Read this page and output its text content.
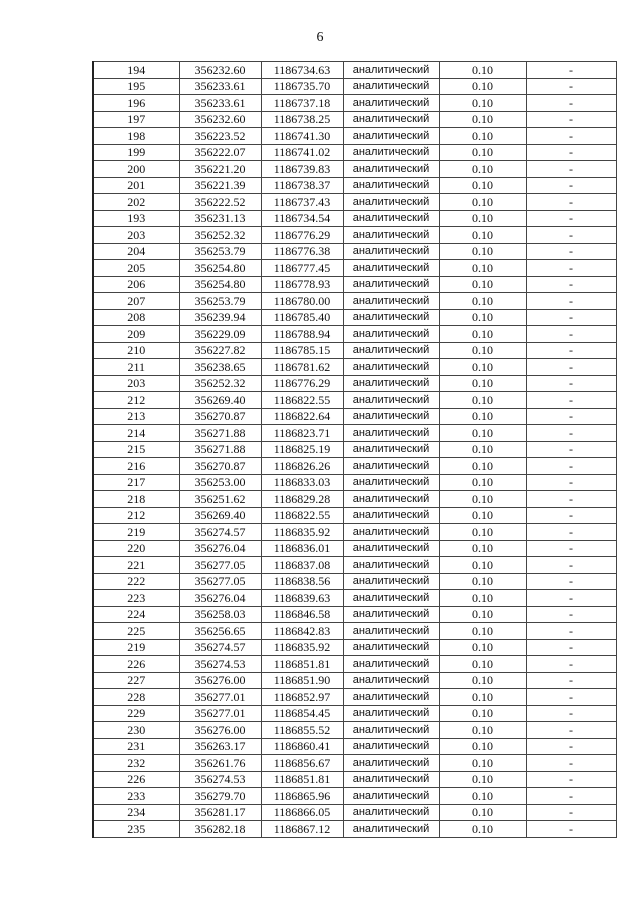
6
194	356232.60	1186734.63	аналитический	0.10	-
195	356233.61	1186735.70	аналитический	0.10	-
196	356233.61	1186737.18	аналитический	0.10	-
197	356232.60	1186738.25	аналитический	0.10	-
198	356223.52	1186741.30	аналитический	0.10	-
199	356222.07	1186741.02	аналитический	0.10	-
200	356221.20	1186739.83	аналитический	0.10	-
201	356221.39	1186738.37	аналитический	0.10	-
202	356222.52	1186737.43	аналитический	0.10	-
193	356231.13	1186734.54	аналитический	0.10	-
203	356252.32	1186776.29	аналитический	0.10	-
204	356253.79	1186776.38	аналитический	0.10	-
205	356254.80	1186777.45	аналитический	0.10	-
206	356254.80	1186778.93	аналитический	0.10	-
207	356253.79	1186780.00	аналитический	0.10	-
208	356239.94	1186785.40	аналитический	0.10	-
209	356229.09	1186788.94	аналитический	0.10	-
210	356227.82	1186785.15	аналитический	0.10	-
211	356238.65	1186781.62	аналитический	0.10	-
203	356252.32	1186776.29	аналитический	0.10	-
212	356269.40	1186822.55	аналитический	0.10	-
213	356270.87	1186822.64	аналитический	0.10	-
214	356271.88	1186823.71	аналитический	0.10	-
215	356271.88	1186825.19	аналитический	0.10	-
216	356270.87	1186826.26	аналитический	0.10	-
217	356253.00	1186833.03	аналитический	0.10	-
218	356251.62	1186829.28	аналитический	0.10	-
212	356269.40	1186822.55	аналитический	0.10	-
219	356274.57	1186835.92	аналитический	0.10	-
220	356276.04	1186836.01	аналитический	0.10	-
221	356277.05	1186837.08	аналитический	0.10	-
222	356277.05	1186838.56	аналитический	0.10	-
223	356276.04	1186839.63	аналитический	0.10	-
224	356258.03	1186846.58	аналитический	0.10	-
225	356256.65	1186842.83	аналитический	0.10	-
219	356274.57	1186835.92	аналитический	0.10	-
226	356274.53	1186851.81	аналитический	0.10	-
227	356276.00	1186851.90	аналитический	0.10	-
228	356277.01	1186852.97	аналитический	0.10	-
229	356277.01	1186854.45	аналитический	0.10	-
230	356276.00	1186855.52	аналитический	0.10	-
231	356263.17	1186860.41	аналитический	0.10	-
232	356261.76	1186856.67	аналитический	0.10	-
226	356274.53	1186851.81	аналитический	0.10	-
233	356279.70	1186865.96	аналитический	0.10	-
234	356281.17	1186866.05	аналитический	0.10	-
235	356282.18	1186867.12	аналитический	0.10	-
